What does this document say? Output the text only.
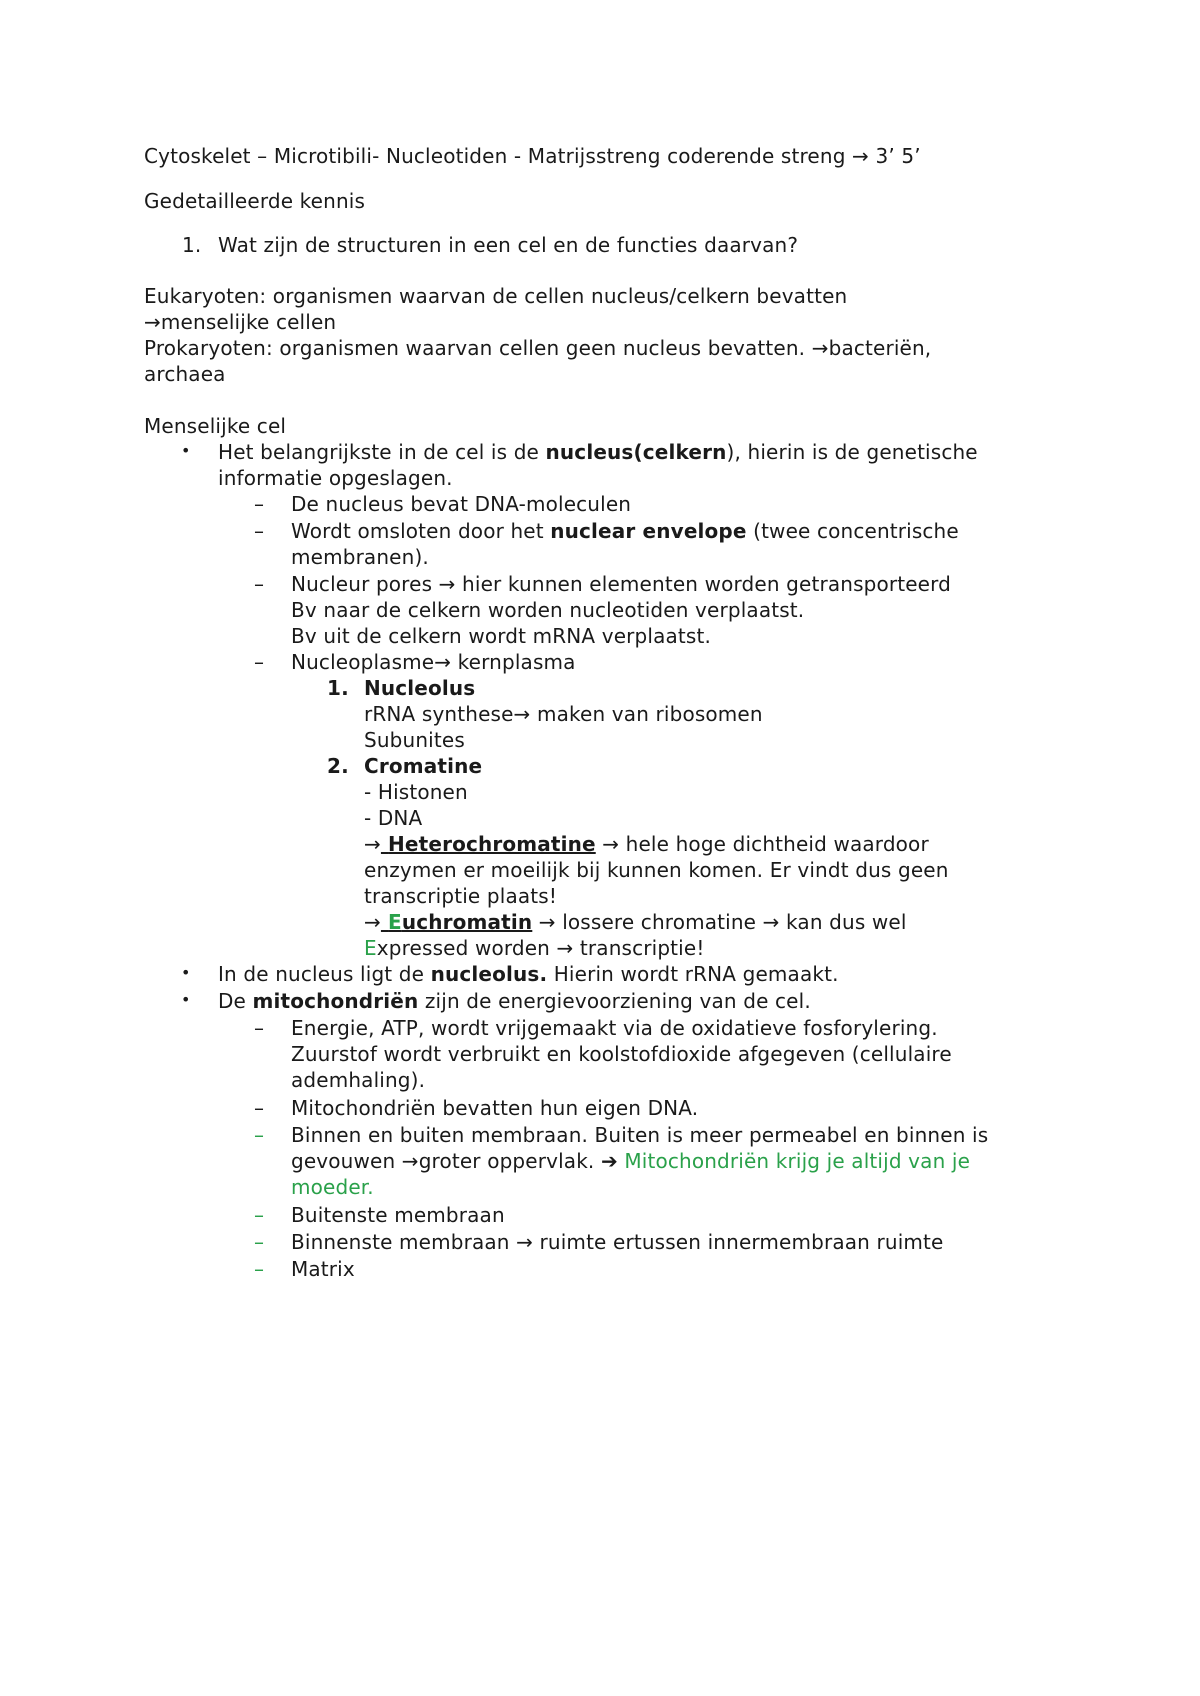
Cytoskelet – Microtibili- Nucleotiden - Matrijsstreng coderende streng → 3’ 5’
Gedetailleerde kennis
1. Wat zijn de structuren in een cel en de functies daarvan?
Eukaryoten: organismen waarvan de cellen nucleus/celkern bevatten
→menselijke cellen
Prokaryoten: organismen waarvan cellen geen nucleus bevatten. →bacteriën,
archaea
Menselijke cel
• Het belangrijkste in de cel is de nucleus(celkern), hierin is de genetische
informatie opgeslagen.
– De nucleus bevat DNA-moleculen
– Wordt omsloten door het nuclear envelope (twee concentrische
membranen).
– Nucleur pores → hier kunnen elementen worden getransporteerd
Bv naar de celkern worden nucleotiden verplaatst.
Bv uit de celkern wordt mRNA verplaatst.
– Nucleoplasme→ kernplasma
1. Nucleolus
rRNA synthese→ maken van ribosomen
Subunites
2. Cromatine
- Histonen
- DNA
→ Heterochromatine → hele hoge dichtheid waardoor
enzymen er moeilijk bij kunnen komen. Er vindt dus geen
transcriptie plaats!
→ Euchromatin → lossere chromatine → kan dus wel
Expressed worden → transcriptie!
• In de nucleus ligt de nucleolus. Hierin wordt rRNA gemaakt.
• De mitochondriën zijn de energievoorziening van de cel.
– Energie, ATP, wordt vrijgemaakt via de oxidatieve fosforylering.
Zuurstof wordt verbruikt en koolstofdioxide afgegeven (cellulaire
ademhaling).
– Mitochondriën bevatten hun eigen DNA.
– Binnen en buiten membraan. Buiten is meer permeabel en binnen is
gevouwen →groter oppervlak. ➔ Mitochondriën krijg je altijd van je
moeder.
– Buitenste membraan
– Binnenste membraan → ruimte ertussen innermembraan ruimte
– Matrix
